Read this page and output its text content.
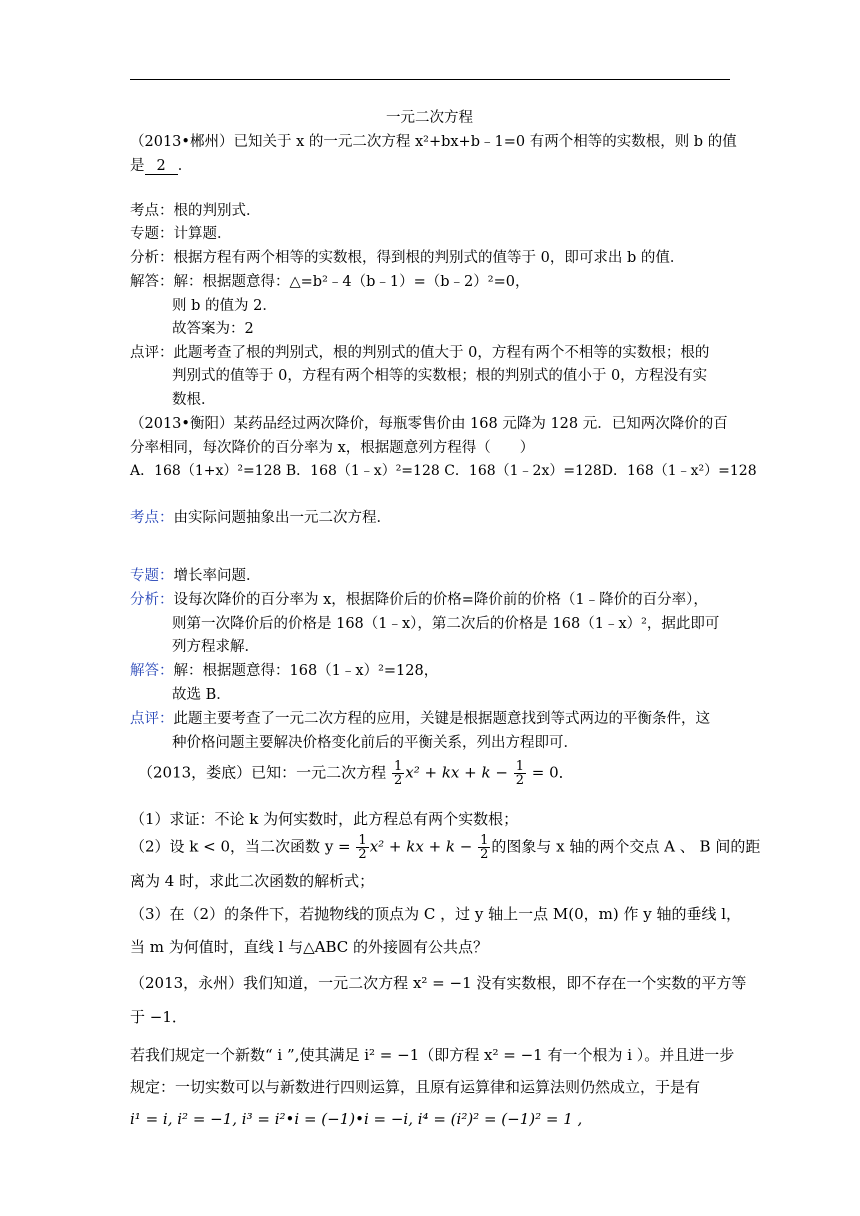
一元二次方程
（2013•郴州）已知关于 x 的一元二次方程 x²+bx+b﹣1=0 有两个相等的实数根，则 b 的值
是 2 ．
考点：根的判别式．
专题：计算题．
分析：根据方程有两个相等的实数根，得到根的判别式的值等于 0，即可求出 b 的值．
解答：解：根据题意得：△=b²﹣4（b﹣1）=（b﹣2）²=0，
则 b 的值为 2．
故答案为：2
点评：此题考查了根的判别式，根的判别式的值大于 0，方程有两个不相等的实数根；根的
判别式的值等于 0，方程有两个相等的实数根；根的判别式的值小于 0，方程没有实
数根．
（2013•衡阳）某药品经过两次降价，每瓶零售价由 168 元降为 128 元．已知两次降价的百
分率相同，每次降价的百分率为 x，根据题意列方程得（　　）
A．168（1+x）²=128 B．168（1﹣x）²=128 C．168（1﹣2x）=128D．168（1﹣x²）=128
考点：由实际问题抽象出一元二次方程．
专题：增长率问题．
分析：设每次降价的百分率为 x，根据降价后的价格=降价前的价格（1﹣降价的百分率），
则第一次降价后的价格是 168（1﹣x），第二次后的价格是 168（1﹣x）²，据此即可
列方程求解．
解答：解：根据题意得：168（1﹣x）²=128，
故选 B．
点评：此题主要考查了一元二次方程的应用，关键是根据题意找到等式两边的平衡条件，这
种价格问题主要解决价格变化前后的平衡关系，列出方程即可．
（2013，娄底）已知：一元二次方程 $\frac{1}{2} x^2$ + kx + $k - \frac{1}{2} = 0$．
（1）求证：不论 k 为何实数时，此方程总有两个实数根；
（2）设 k < 0，当二次函数 $y = \frac{1}{2} x^2$ + kx + $k - \frac{1}{2}$ 的图象与 x 轴的两个交点 A 、 B 间的距
离为 4 时，求此二次函数的解析式；
（3）在（2）的条件下，若抛物线的顶点为 C ，过 y 轴上一点 M(0，m) 作 y 轴的垂线 l，
当 m 为何值时，直线 l 与△ABC 的外接圆有公共点？
（2013，永州）我们知道，一元二次方程 x² = −1 没有实数根，即不存在一个实数的平方等
于 −1．
若我们规定一个新数“ i ”,使其满足 i² = −1（即方程 x² = −1 有一个根为 i ）。并且进一步
规定：一切实数可以与新数进行四则运算，且原有运算律和运算法则仍然成立，于是有
i¹ = i, i² = −1, i³ = i²•i = (−1)•i = −i, i⁴ = (i²)² = (−1)² = 1 ,
